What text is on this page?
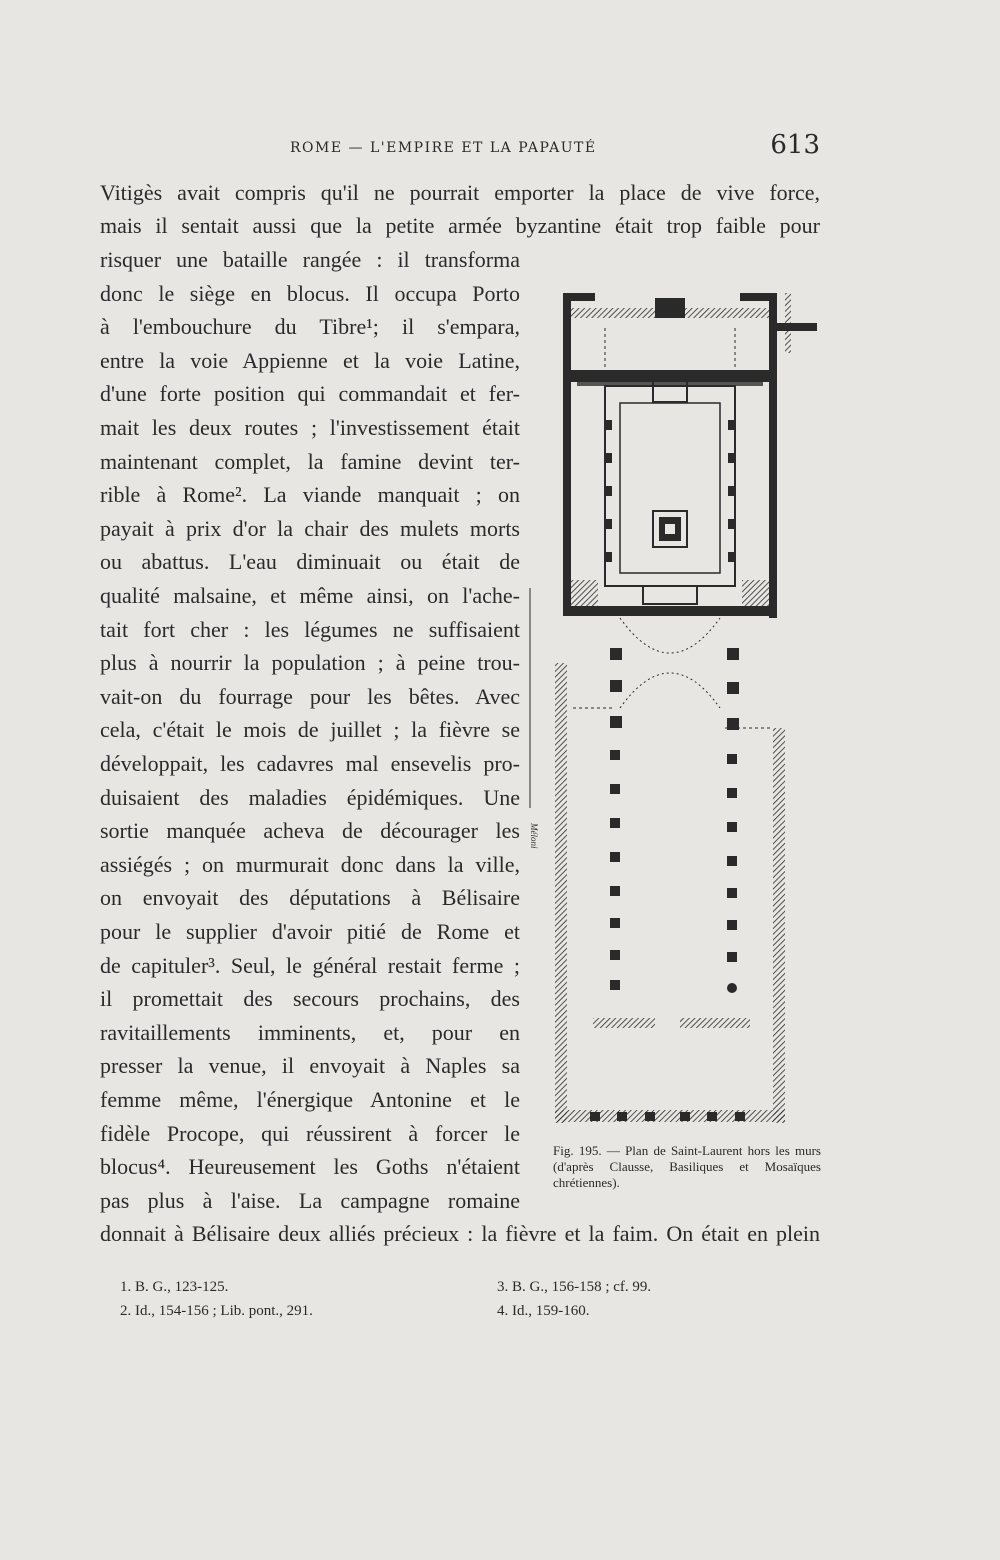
ROME — L'EMPIRE ET LA PAPAUTÉ	613
Vitigès avait compris qu'il ne pourrait emporter la place de vive force,
mais il sentait aussi que la petite armée byzantine était trop faible pour
risquer une bataille rangée : il transforma
donc le siège en blocus. Il occupa Porto
à l'embouchure du Tibre¹; il s'empara,
entre la voie Appienne et la voie Latine,
d'une forte position qui commandait et fer-
mait les deux routes ; l'investissement était
maintenant complet, la famine devint ter-
rible à Rome². La viande manquait ; on
payait à prix d'or la chair des mulets morts
ou abattus. L'eau diminuait ou était de
qualité malsaine, et même ainsi, on l'ache-
tait fort cher : les légumes ne suffisaient
plus à nourrir la population ; à peine trou-
vait-on du fourrage pour les bêtes. Avec
cela, c'était le mois de juillet ; la fièvre se
développait, les cadavres mal ensevelis pro-
duisaient des maladies épidémiques. Une
sortie manquée acheva de décourager les
assiégés ; on murmurait donc dans la ville,
on envoyait des députations à Bélisaire
pour le supplier d'avoir pitié de Rome et
de capituler³. Seul, le général restait ferme ;
il promettait des secours prochains, des
ravitaillements imminents, et, pour en
presser la venue, il envoyait à Naples sa
femme même, l'énergique Antonine et le
fidèle Procope, qui réussirent à forcer le
blocus⁴. Heureusement les Goths n'étaient
pas plus à l'aise. La campagne romaine
donnait à Bélisaire deux alliés précieux : la fièvre et la faim. On était en plein
Méloni
Fig. 195. — Plan de Saint-Laurent hors les murs (d'après Clausse, Basiliques et Mosaïques chrétiennes).
1. B. G., 123-125.
2. Id., 154-156 ; Lib. pont., 291.
3. B. G., 156-158 ; cf. 99.
4. Id., 159-160.
